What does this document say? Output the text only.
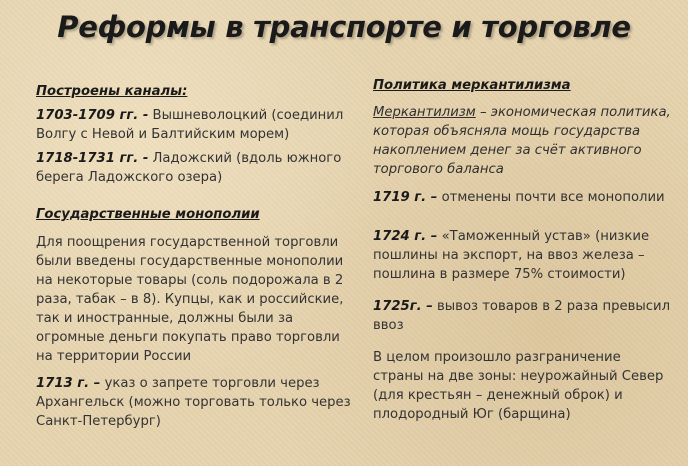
Реформы в транспорте и торговле
Построены каналы:
1703-1709 гг. - Вышневолоцкий (соединил Волгу с Невой и Балтийским морем)
1718-1731 гг. - Ладожский (вдоль южного берега Ладожского озера)
Государственные монополии
Для поощрения государственной торговли были введены государственные монополии на некоторые товары (соль подорожала в 2 раза, табак – в 8). Купцы, как и российские, так и иностранные, должны были за огромные деньги покупать право торговли на территории России
1713 г. – указ о запрете торговли через Архангельск (можно торговать только через Санкт-Петербург)
Политика меркантилизма
Меркантилизм – экономическая политика, которая объясняла мощь государства накоплением денег за счёт активного торгового баланса
1719 г. – отменены почти все монополии
1724 г. – «Таможенный устав» (низкие пошлины на экспорт, на ввоз железа – пошлина в размере 75% стоимости)
1725г. – вывоз товаров в 2 раза превысил ввоз
В целом произошло разграничение страны на две зоны: неурожайный Север (для крестьян – денежный оброк) и плодородный Юг (барщина)
